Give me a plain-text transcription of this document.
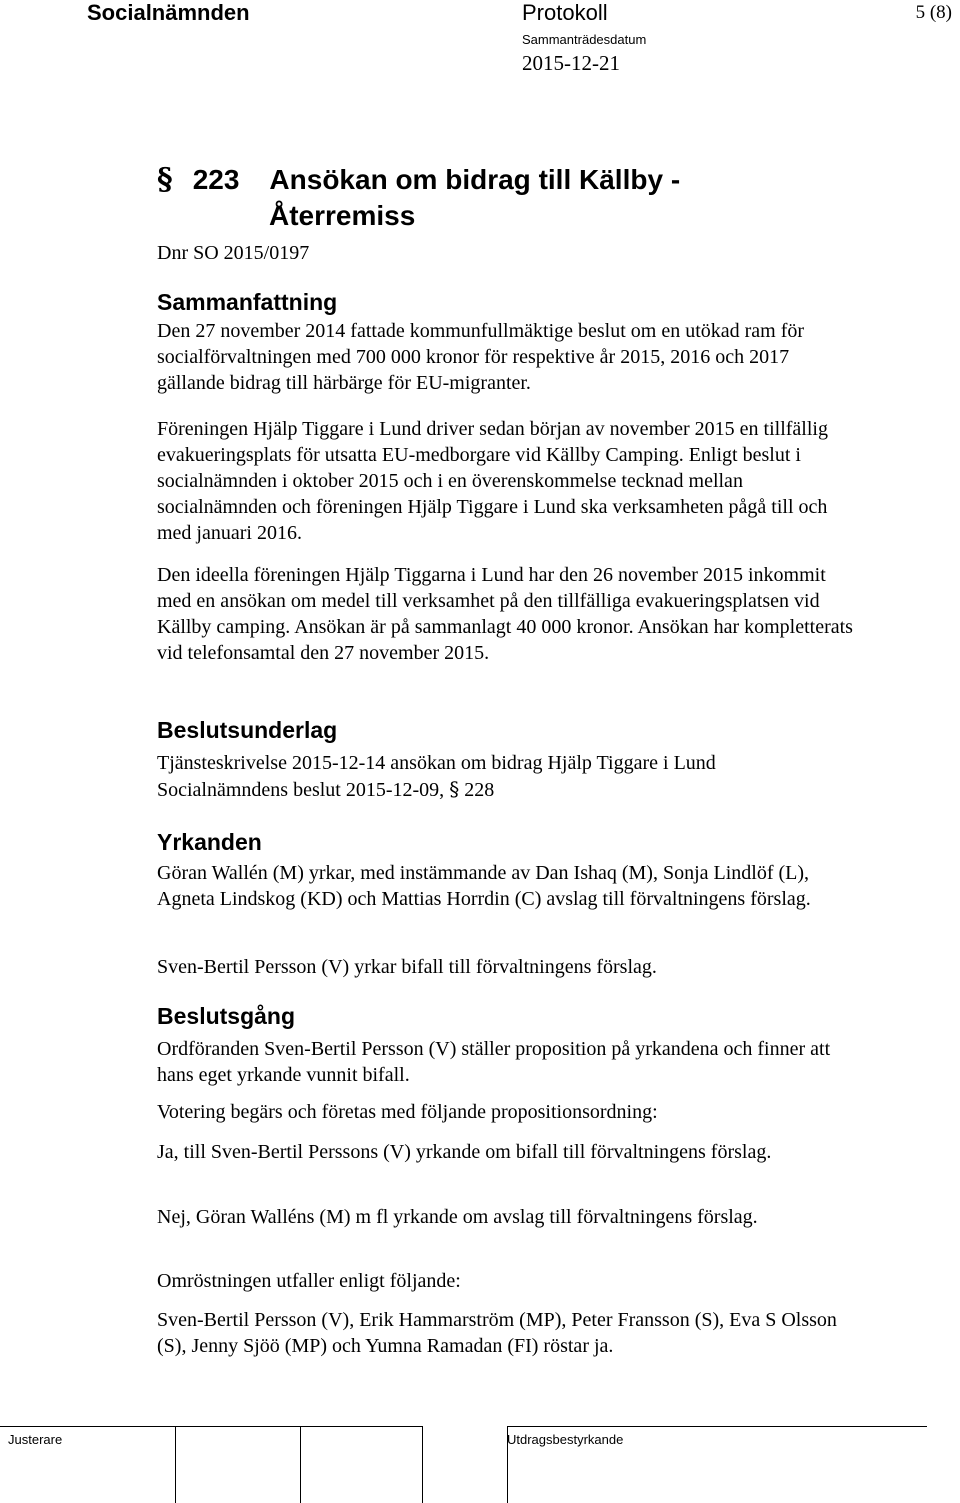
Socialnämnden	Protokoll	5 (8)
Sammanträdesdatum
2015-12-21
§ 223 Ansökan om bidrag till Källby -
Återremiss
Dnr SO 2015/0197
Sammanfattning

Den 27 november 2014 fattade kommunfullmäktige beslut om en utökad ram för socialförvaltningen med 700 000 kronor för respektive år 2015, 2016 och 2017 gällande bidrag till härbärge för EU-migranter.

Föreningen Hjälp Tiggare i Lund driver sedan början av november 2015 en tillfällig evakueringsplats för utsatta EU-medborgare vid Källby Camping. Enligt beslut i socialnämnden i oktober 2015 och i en överenskommelse tecknad mellan socialnämnden och föreningen Hjälp Tiggare i Lund ska verksamheten pågå till och med januari 2016.

Den ideella föreningen Hjälp Tiggarna i Lund har den 26 november 2015 inkommit med en ansökan om medel till verksamhet på den tillfälliga evakueringsplatsen vid Källby camping. Ansökan är på sammanlagt 40 000 kronor. Ansökan har kompletterats vid telefonsamtal den 27 november 2015.

Beslutsunderlag

Tjänsteskrivelse 2015-12-14 ansökan om bidrag Hjälp Tiggare i Lund

Socialnämndens beslut 2015-12-09, § 228

Yrkanden

Göran Wallén (M) yrkar, med instämmande av Dan Ishaq (M), Sonja Lindlöf (L), Agneta Lindskog (KD) och Mattias Horrdin (C) avslag till förvaltningens förslag.

Sven-Bertil Persson (V) yrkar bifall till förvaltningens förslag.

Beslutsgång

Ordföranden Sven-Bertil Persson (V) ställer proposition på yrkandena och finner att hans eget yrkande vunnit bifall.

Votering begärs och företas med följande propositionsordning:

Ja, till Sven-Bertil Perssons (V) yrkande om bifall till förvaltningens förslag.

Nej, Göran Walléns (M) m fl yrkande om avslag till förvaltningens förslag.

Omröstningen utfaller enligt följande:

Sven-Bertil Persson (V), Erik Hammarström (MP), Peter Fransson (S), Eva S Olsson (S), Jenny Sjöö (MP) och Yumna Ramadan (FI) röstar ja.

Justerare	Utdragsbestyrkande
